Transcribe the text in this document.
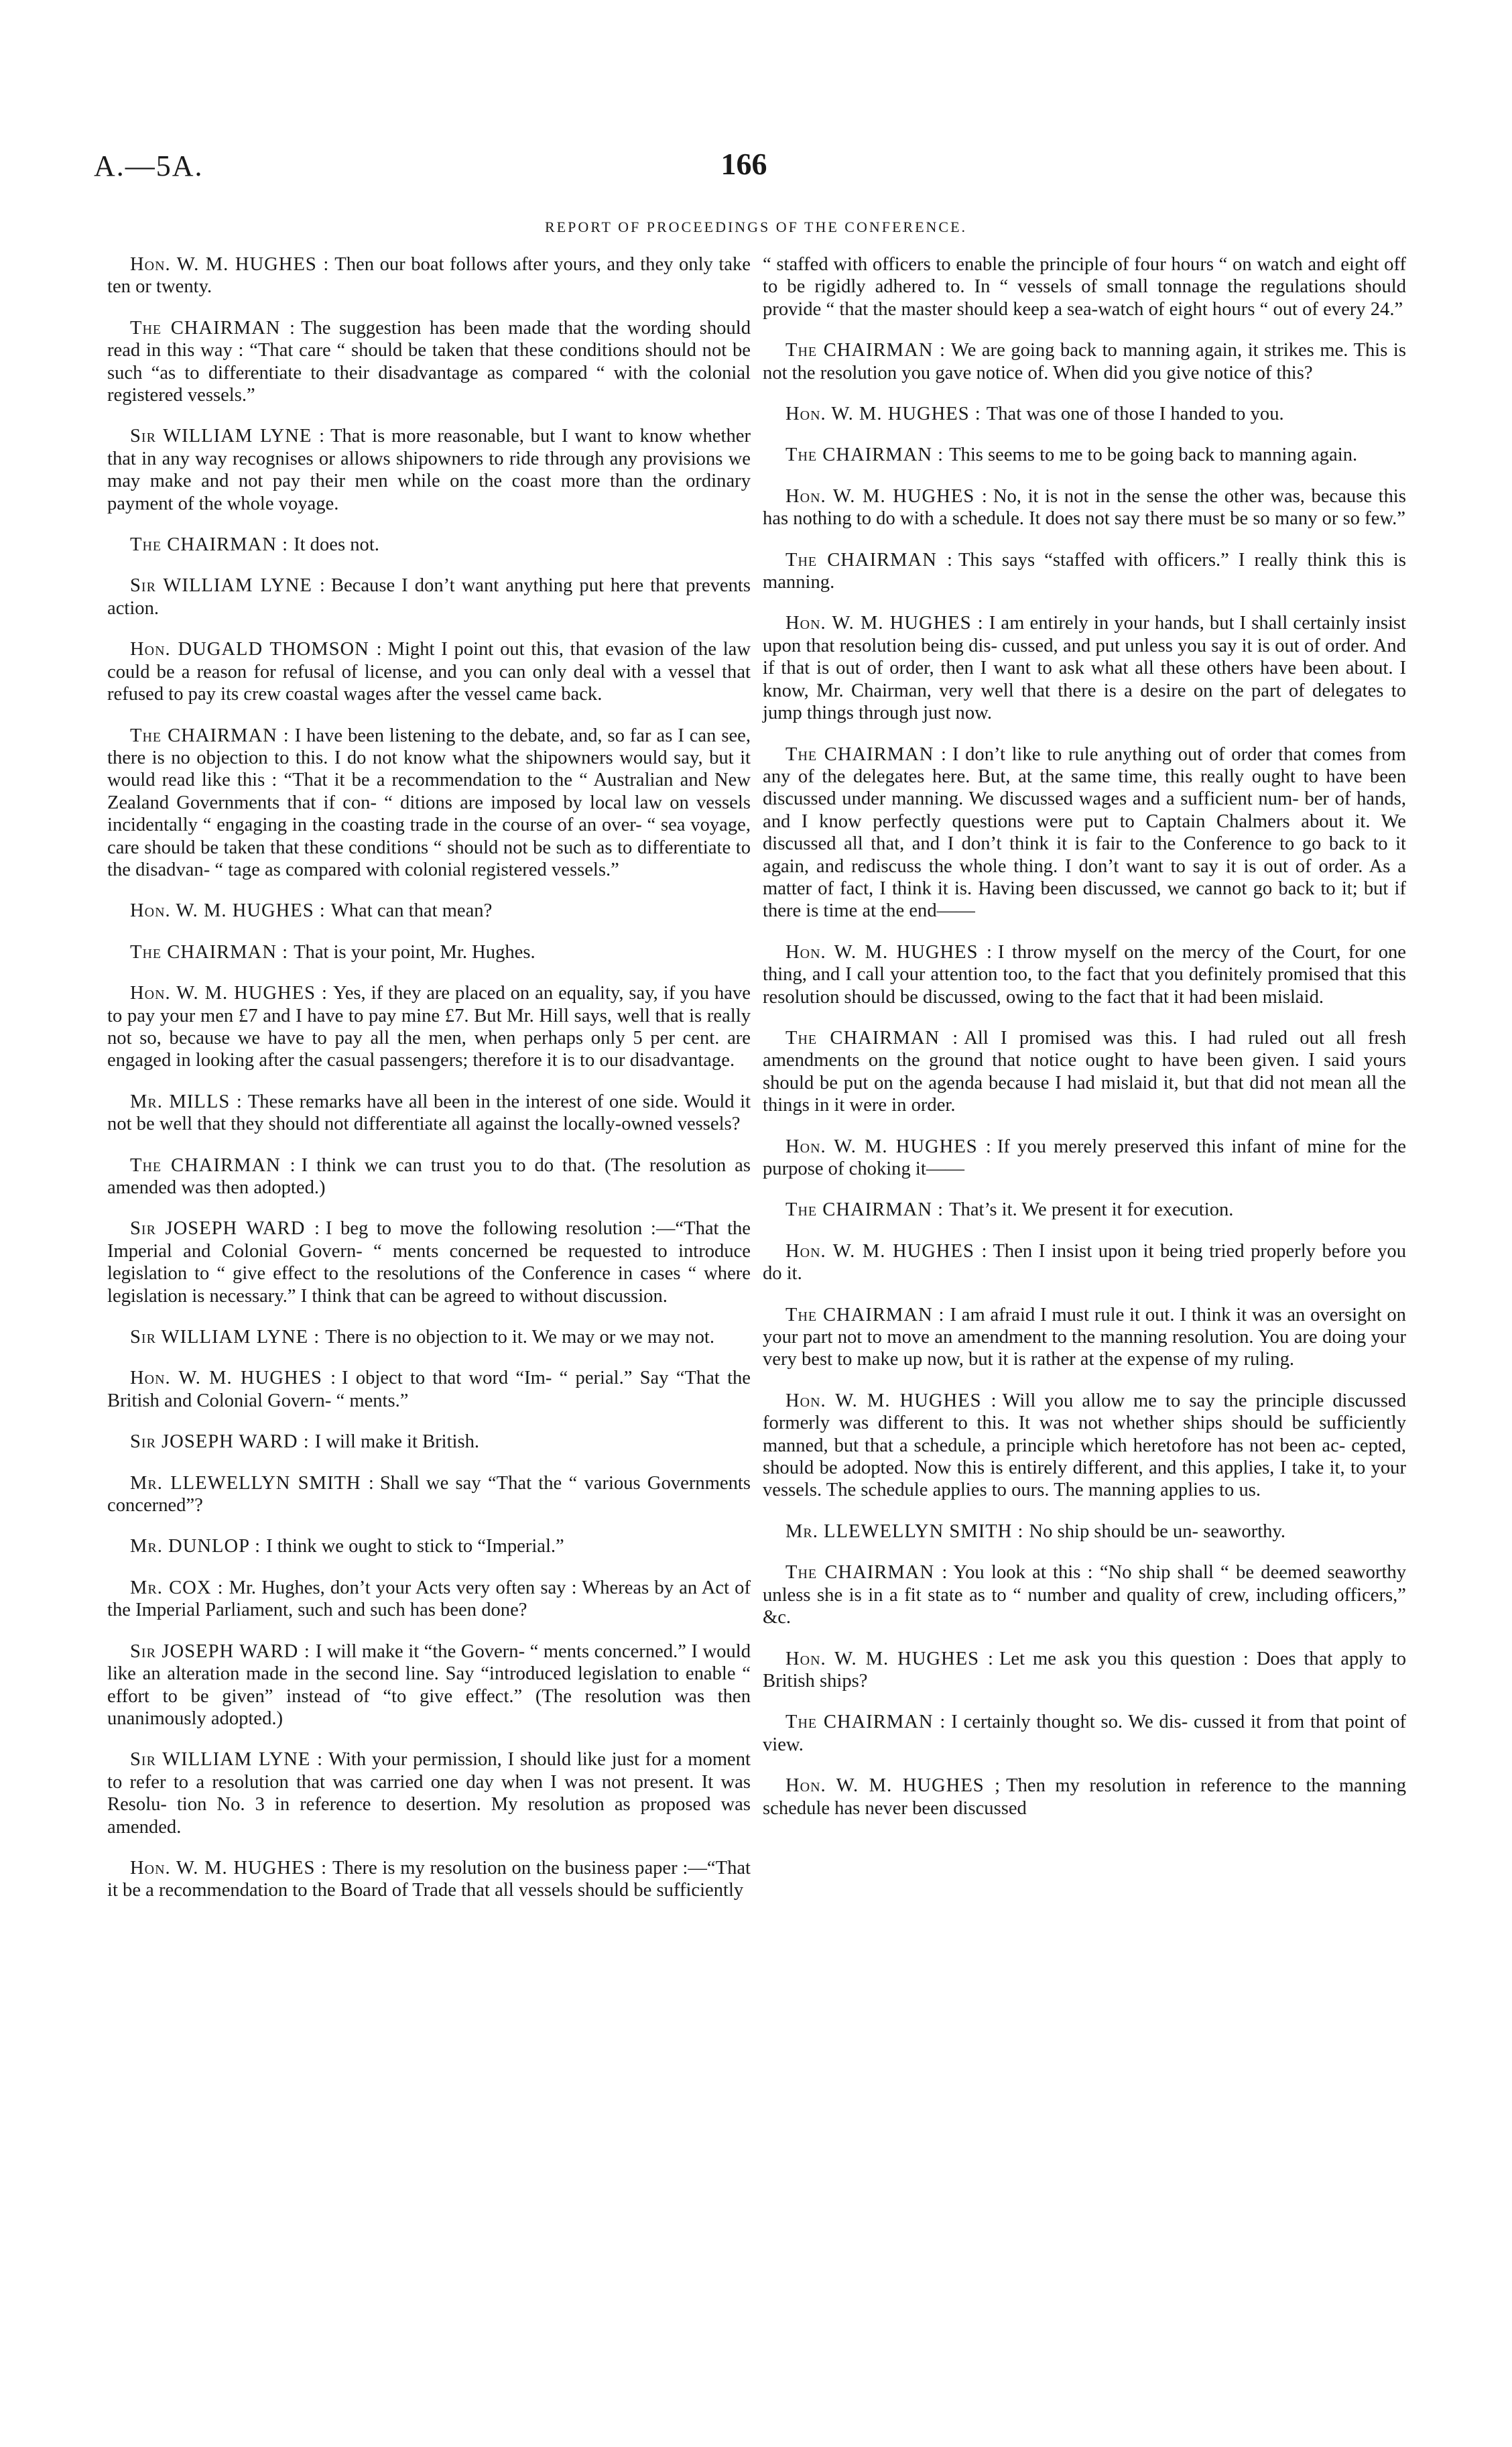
A.—5A.	166
REPORT OF PROCEEDINGS OF THE CONFERENCE.

Hon. W. M. HUGHES : Then our boat follows after yours, and they only take ten or twenty.

The CHAIRMAN : The suggestion has been made that the wording should read in this way : “That care “ should be taken that these conditions should not be such “as to differentiate to their disadvantage as compared “ with the colonial registered vessels.”

Sir WILLIAM LYNE : That is more reasonable, but I want to know whether that in any way recognises or allows shipowners to ride through any provisions we may make and not pay their men while on the coast more than the ordinary payment of the whole voyage.

The CHAIRMAN : It does not.

Sir WILLIAM LYNE : Because I don’t want anything put here that prevents action.

Hon. DUGALD THOMSON : Might I point out this, that evasion of the law could be a reason for refusal of license, and you can only deal with a vessel that refused to pay its crew coastal wages after the vessel came back.

The CHAIRMAN : I have been listening to the debate, and, so far as I can see, there is no objection to this. I do not know what the shipowners would say, but it would read like this : “That it be a recommendation to the “ Australian and New Zealand Governments that if con- “ ditions are imposed by local law on vessels incidentally “ engaging in the coasting trade in the course of an over- “ sea voyage, care should be taken that these conditions “ should not be such as to differentiate to the disadvan- “ tage as compared with colonial registered vessels.”

Hon. W. M. HUGHES : What can that mean?

The CHAIRMAN : That is your point, Mr. Hughes.

Hon. W. M. HUGHES : Yes, if they are placed on an equality, say, if you have to pay your men £7 and I have to pay mine £7. But Mr. Hill says, well that is really not so, because we have to pay all the men, when perhaps only 5 per cent. are engaged in looking after the casual passengers; therefore it is to our disadvantage.

Mr. MILLS : These remarks have all been in the interest of one side. Would it not be well that they should not differentiate all against the locally-owned vessels?

The CHAIRMAN : I think we can trust you to do that. (The resolution as amended was then adopted.)

Sir JOSEPH WARD : I beg to move the following resolution :—“That the Imperial and Colonial Govern- “ ments concerned be requested to introduce legislation to “ give effect to the resolutions of the Conference in cases “ where legislation is necessary.” I think that can be agreed to without discussion.

Sir WILLIAM LYNE : There is no objection to it. We may or we may not.

Hon. W. M. HUGHES : I object to that word “Im- “ perial.” Say “That the British and Colonial Govern- “ ments.”

Sir JOSEPH WARD : I will make it British.

Mr. LLEWELLYN SMITH : Shall we say “That the “ various Governments concerned”?

Mr. DUNLOP : I think we ought to stick to “Imperial.”

Mr. COX : Mr. Hughes, don’t your Acts very often say : Whereas by an Act of the Imperial Parliament, such and such has been done?

Sir JOSEPH WARD : I will make it “the Govern- “ ments concerned.” I would like an alteration made in the second line. Say “introduced legislation to enable “ effort to be given” instead of “to give effect.” (The resolution was then unanimously adopted.)

Sir WILLIAM LYNE : With your permission, I should like just for a moment to refer to a resolution that was carried one day when I was not present. It was Resolu- tion No. 3 in reference to desertion. My resolution as proposed was amended.

Hon. W. M. HUGHES : There is my resolution on the business paper :—“That it be a recommendation to the Board of Trade that all vessels should be sufficiently

“ staffed with officers to enable the principle of four hours “ on watch and eight off to be rigidly adhered to. In “ vessels of small tonnage the regulations should provide “ that the master should keep a sea-watch of eight hours “ out of every 24.”

The CHAIRMAN : We are going back to manning again, it strikes me. This is not the resolution you gave notice of. When did you give notice of this?

Hon. W. M. HUGHES : That was one of those I handed to you.

The CHAIRMAN : This seems to me to be going back to manning again.

Hon. W. M. HUGHES : No, it is not in the sense the other was, because this has nothing to do with a schedule. It does not say there must be so many or so few.”

The CHAIRMAN : This says “staffed with officers.” I really think this is manning.

Hon. W. M. HUGHES : I am entirely in your hands, but I shall certainly insist upon that resolution being dis- cussed, and put unless you say it is out of order. And if that is out of order, then I want to ask what all these others have been about. I know, Mr. Chairman, very well that there is a desire on the part of delegates to jump things through just now.

The CHAIRMAN : I don’t like to rule anything out of order that comes from any of the delegates here. But, at the same time, this really ought to have been discussed under manning. We discussed wages and a sufficient num- ber of hands, and I know perfectly questions were put to Captain Chalmers about it. We discussed all that, and I don’t think it is fair to the Conference to go back to it again, and rediscuss the whole thing. I don’t want to say it is out of order. As a matter of fact, I think it is. Having been discussed, we cannot go back to it; but if there is time at the end——

Hon. W. M. HUGHES : I throw myself on the mercy of the Court, for one thing, and I call your attention too, to the fact that you definitely promised that this resolution should be discussed, owing to the fact that it had been mislaid.

The CHAIRMAN : All I promised was this. I had ruled out all fresh amendments on the ground that notice ought to have been given. I said yours should be put on the agenda because I had mislaid it, but that did not mean all the things in it were in order.

Hon. W. M. HUGHES : If you merely preserved this infant of mine for the purpose of choking it——

The CHAIRMAN : That’s it. We present it for execution.

Hon. W. M. HUGHES : Then I insist upon it being tried properly before you do it.

The CHAIRMAN : I am afraid I must rule it out. I think it was an oversight on your part not to move an amendment to the manning resolution. You are doing your very best to make up now, but it is rather at the expense of my ruling.

Hon. W. M. HUGHES : Will you allow me to say the principle discussed formerly was different to this. It was not whether ships should be sufficiently manned, but that a schedule, a principle which heretofore has not been ac- cepted, should be adopted. Now this is entirely different, and this applies, I take it, to your vessels. The schedule applies to ours. The manning applies to us.

Mr. LLEWELLYN SMITH : No ship should be un- seaworthy.

The CHAIRMAN : You look at this : “No ship shall “ be deemed seaworthy unless she is in a fit state as to “ number and quality of crew, including officers,” &c.

Hon. W. M. HUGHES : Let me ask you this question : Does that apply to British ships?

The CHAIRMAN : I certainly thought so. We dis- cussed it from that point of view.

Hon. W. M. HUGHES ; Then my resolution in reference to the manning schedule has never been discussed
